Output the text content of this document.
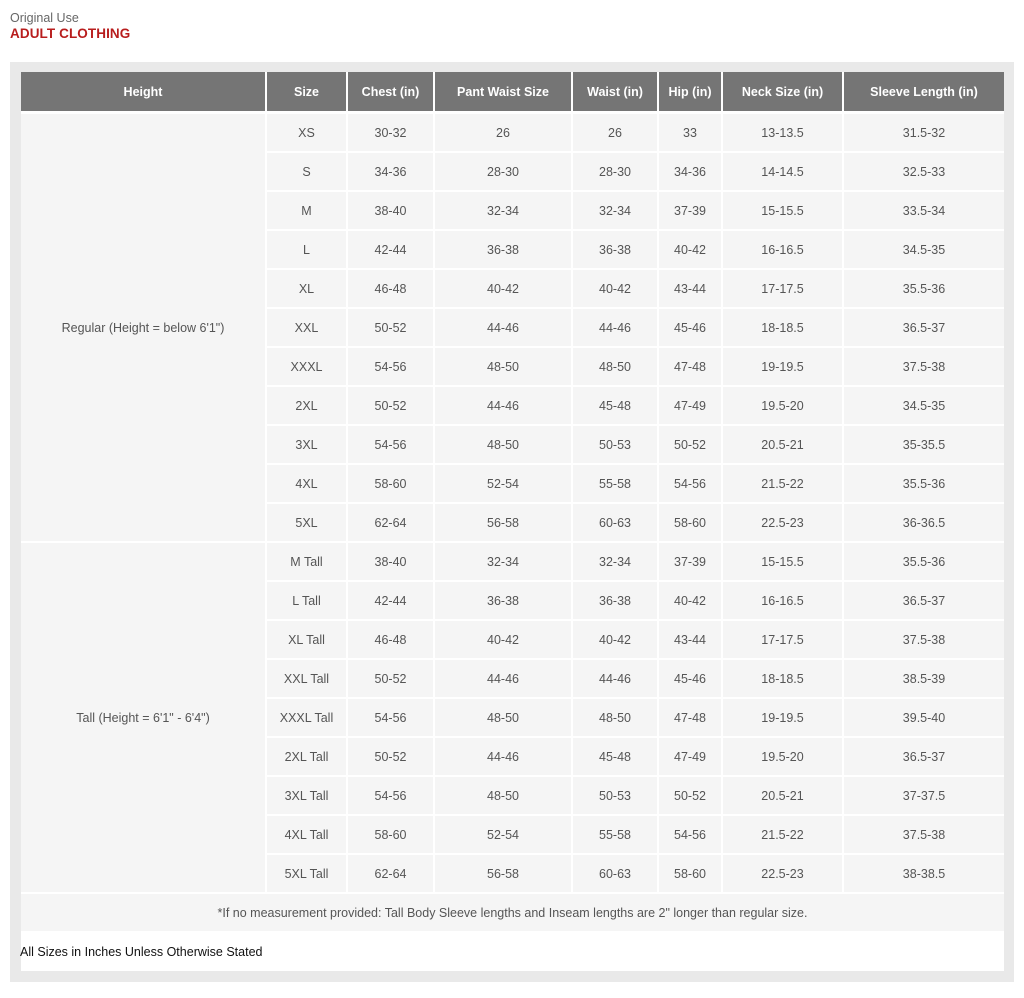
Original Use
ADULT CLOTHING
Height	Size	Chest (in)	Pant Waist Size	Waist (in)	Hip (in)	Neck Size (in)	Sleeve Length (in)
Regular (Height = below 6'1")	XS	30-32	26	26	33	13-13.5	31.5-32
	S	34-36	28-30	28-30	34-36	14-14.5	32.5-33
	M	38-40	32-34	32-34	37-39	15-15.5	33.5-34
	L	42-44	36-38	36-38	40-42	16-16.5	34.5-35
	XL	46-48	40-42	40-42	43-44	17-17.5	35.5-36
	XXL	50-52	44-46	44-46	45-46	18-18.5	36.5-37
	XXXL	54-56	48-50	48-50	47-48	19-19.5	37.5-38
	2XL	50-52	44-46	45-48	47-49	19.5-20	34.5-35
	3XL	54-56	48-50	50-53	50-52	20.5-21	35-35.5
	4XL	58-60	52-54	55-58	54-56	21.5-22	35.5-36
	5XL	62-64	56-58	60-63	58-60	22.5-23	36-36.5
Tall (Height = 6'1" - 6'4")	M Tall	38-40	32-34	32-34	37-39	15-15.5	35.5-36
	L Tall	42-44	36-38	36-38	40-42	16-16.5	36.5-37
	XL Tall	46-48	40-42	40-42	43-44	17-17.5	37.5-38
	XXL Tall	50-52	44-46	44-46	45-46	18-18.5	38.5-39
	XXXL Tall	54-56	48-50	48-50	47-48	19-19.5	39.5-40
	2XL Tall	50-52	44-46	45-48	47-49	19.5-20	36.5-37
	3XL Tall	54-56	48-50	50-53	50-52	20.5-21	37-37.5
	4XL Tall	58-60	52-54	55-58	54-56	21.5-22	37.5-38
	5XL Tall	62-64	56-58	60-63	58-60	22.5-23	38-38.5
*If no measurement provided: Tall Body Sleeve lengths and Inseam lengths are 2" longer than regular size.							
All Sizes in Inches Unless Otherwise Stated							
